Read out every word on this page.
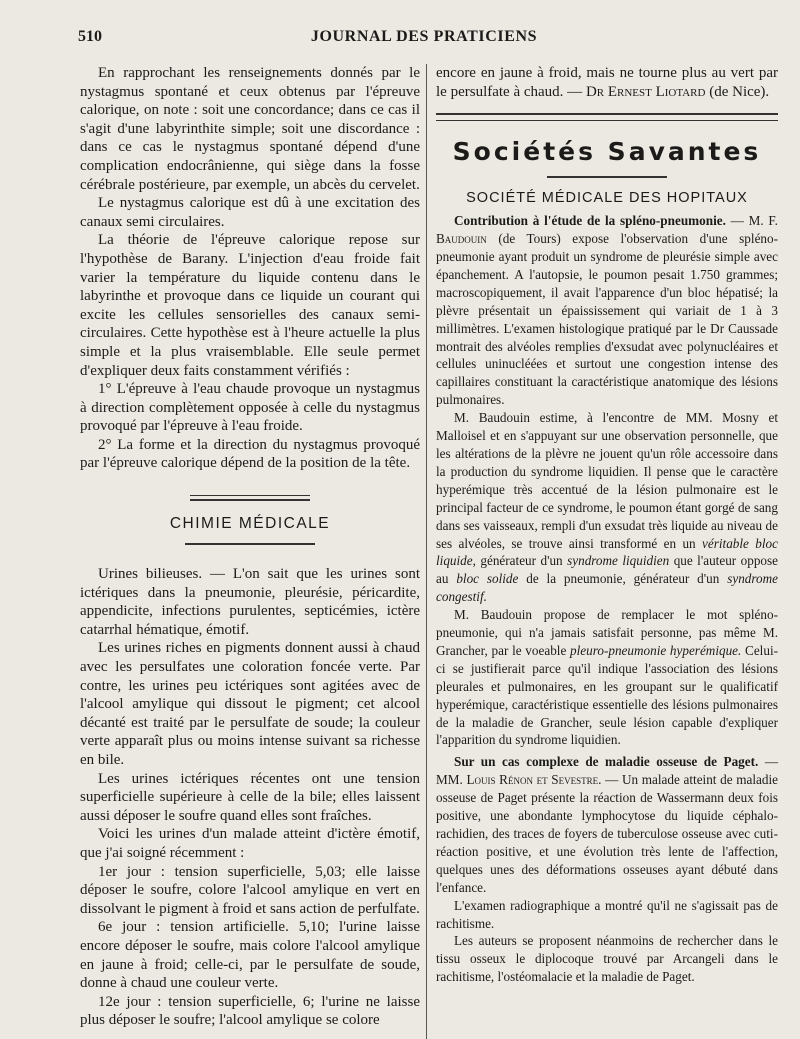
510	JOURNAL DES PRATICIENS

En rapprochant les renseignements donnés par le nystagmus spontané et ceux obtenus par l'épreuve calorique, on note : soit une concordance; dans ce cas il s'agit d'une labyrinthite simple; soit une discordance : dans ce cas le nystagmus spontané dépend d'une complication endocrânienne, qui siège dans la fosse cérébrale postérieure, par exemple, un abcès du cervelet.

Le nystagmus calorique est dû à une excitation des canaux semi circulaires.

La théorie de l'épreuve calorique repose sur l'hypothèse de Barany. L'injection d'eau froide fait varier la température du liquide contenu dans le labyrinthe et provoque dans ce liquide un courant qui excite les cellules sensorielles des canaux semi-circulaires. Cette hypothèse est à l'heure actuelle la plus simple et la plus vraisemblable. Elle seule permet d'expliquer deux faits constamment vérifiés :

1° L'épreuve à l'eau chaude provoque un nystagmus à direction complètement opposée à celle du nystagmus provoqué par l'épreuve à l'eau froide.

2° La forme et la direction du nystagmus provoqué par l'épreuve calorique dépend de la position de la tête.

CHIMIE MÉDICALE

Urines bilieuses. — L'on sait que les urines sont ictériques dans la pneumonie, pleurésie, péricardite, appendicite, infections purulentes, septicémies, ictère catarrhal hématique, émotif.

Les urines riches en pigments donnent aussi à chaud avec les persulfates une coloration foncée verte. Par contre, les urines peu ictériques sont agitées avec de l'alcool amylique qui dissout le pigment; cet alcool décanté est traité par le persulfate de soude; la couleur verte apparaît plus ou moins intense suivant sa richesse en bile.

Les urines ictériques récentes ont une tension superficielle supérieure à celle de la bile; elles laissent aussi déposer le soufre quand elles sont fraîches.

Voici les urines d'un malade atteint d'ictère émotif, que j'ai soigné récemment :

1er jour : tension superficielle, 5,03; elle laisse déposer le soufre, colore l'alcool amylique en vert en dissolvant le pigment à froid et sans action de perfulfate.

6e jour : tension artificielle. 5,10; l'urine laisse encore déposer le soufre, mais colore l'alcool amylique en jaune à froid; celle-ci, par le persulfate de soude, donne à chaud une couleur verte.

12e jour : tension superficielle, 6; l'urine ne laisse plus déposer le soufre; l'alcool amylique se colore

encore en jaune à froid, mais ne tourne plus au vert par le persulfate à chaud. — Dr Ernest Liotard (de Nice).

Sociétés Savantes
SOCIÉTÉ MÉDICALE DES HOPITAUX

Contribution à l'étude de la spléno-pneumonie. — M. F. Baudouin (de Tours) expose l'observation d'une spléno-pneumonie ayant produit un syndrome de pleurésie simple avec épanchement. A l'autopsie, le poumon pesait 1.750 grammes; macroscopiquement, il avait l'apparence d'un bloc hépatisé; la plèvre présentait un épaississement qui variait de 1 à 3 millimètres. L'examen histologique pratiqué par le Dr Caussade montrait des alvéoles remplies d'exsudat avec polynucléaires et cellules uninucléées et surtout une congestion intense des capillaires constituant la caractéristique anatomique des lésions pulmonaires.

M. Baudouin estime, à l'encontre de MM. Mosny et Malloisel et en s'appuyant sur une observation personnelle, que les altérations de la plèvre ne jouent qu'un rôle accessoire dans la production du syndrome liquidien. Il pense que le caractère hyperémique très accentué de la lésion pulmonaire est le principal facteur de ce syndrome, le poumon étant gorgé de sang dans ses vaisseaux, rempli d'un exsudat très liquide au niveau de ses alvéoles, se trouve ainsi transformé en un véritable bloc liquide, générateur d'un syndrome liquidien que l'auteur oppose au bloc solide de la pneumonie, générateur d'un syndrome congestif.

M. Baudouin propose de remplacer le mot spléno-pneumonie, qui n'a jamais satisfait personne, pas même M. Grancher, par le voeable pleuro-pneumonie hyperémique. Celui-ci se justifierait parce qu'il indique l'association des lésions pleurales et pulmonaires, en les groupant sur le qualificatif hyperémique, caractéristique essentielle des lésions pulmonaires de la maladie de Grancher, seule lésion capable d'expliquer l'apparition du syndrome liquidien.

Sur un cas complexe de maladie osseuse de Paget. — MM. Louis Rénon et Sevestre. — Un malade atteint de maladie osseuse de Paget présente la réaction de Wassermann deux fois positive, une abondante lymphocytose du liquide céphalo-rachidien, des traces de foyers de tuberculose osseuse avec cuti-réaction positive, et une évolution très lente de l'affection, quelques unes des déformations osseuses ayant débuté dans l'enfance.

L'examen radiographique a montré qu'il ne s'agissait pas de rachitisme.

Les auteurs se proposent néanmoins de rechercher dans le tissu osseux le diplocoque trouvé par Arcangeli dans le rachitisme, l'ostéomalacie et la maladie de Paget.
